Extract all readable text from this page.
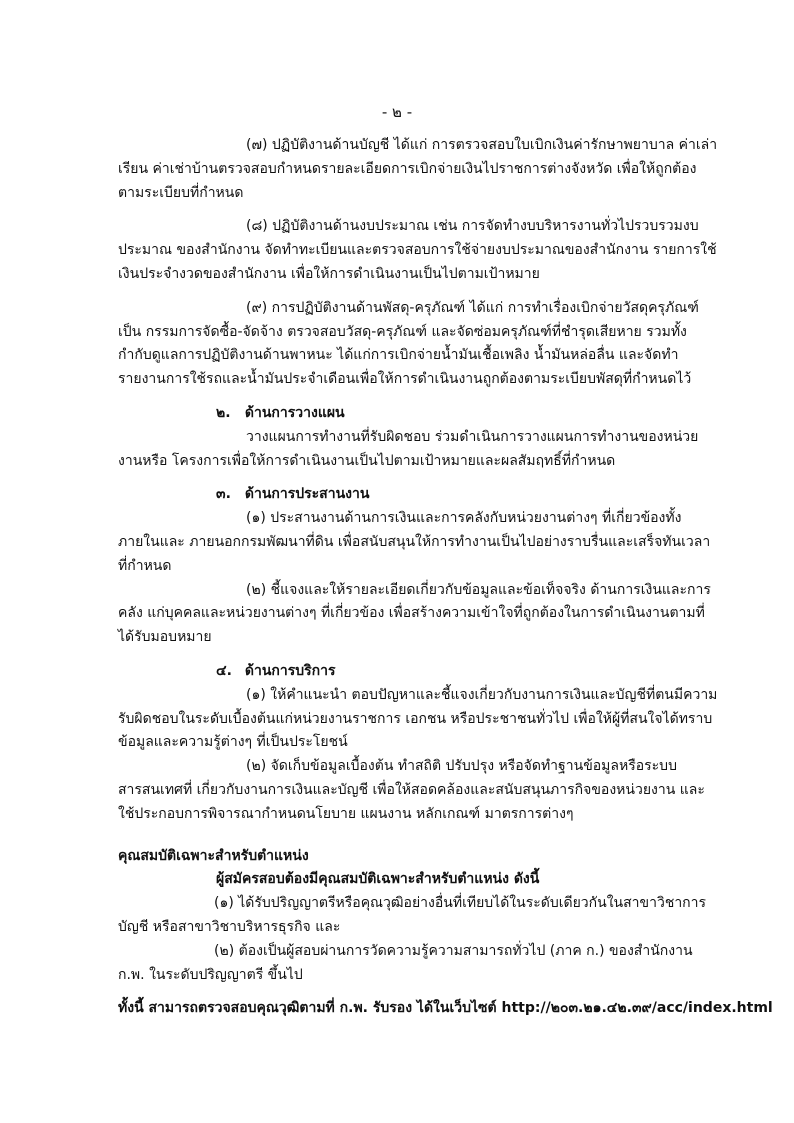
- ๒ -

(๗) ปฏิบัติงานด้านบัญชี ได้แก่ การตรวจสอบใบเบิกเงินค่ารักษาพยาบาล ค่าเล่าเรียน ค่าเช่าบ้านตรวจสอบกำหนดรายละเอียดการเบิกจ่ายเงินไปราชการต่างจังหวัด เพื่อให้ถูกต้องตามระเบียบที่กำหนด

(๘) ปฏิบัติงานด้านงบประมาณ เช่น การจัดทำงบบริหารงานทั่วไปรวบรวมงบประมาณ ของสำนักงาน จัดทำทะเบียนและตรวจสอบการใช้จ่ายงบประมาณของสำนักงาน รายการใช้เงินประจำงวดของสำนักงาน เพื่อให้การดำเนินงานเป็นไปตามเป้าหมาย

(๙) การปฏิบัติงานด้านพัสดุ-ครุภัณฑ์ ได้แก่ การทำเรื่องเบิกจ่ายวัสดุครุภัณฑ์เป็น กรรมการจัดซื้อ-จัดจ้าง ตรวจสอบวัสดุ-ครุภัณฑ์ และจัดซ่อมครุภัณฑ์ที่ชำรุดเสียหาย รวมทั้งกำกับดูแลการปฏิบัติงานด้านพาหนะ ได้แก่การเบิกจ่ายน้ำมันเชื้อเพลิง น้ำมันหล่อลื่น และจัดทำรายงานการใช้รถและน้ำมันประจำเดือนเพื่อให้การดำเนินงานถูกต้องตามระเบียบพัสดุที่กำหนดไว้

๒. ด้านการวางแผน

วางแผนการทำงานที่รับผิดชอบ ร่วมดำเนินการวางแผนการทำงานของหน่วยงานหรือ โครงการเพื่อให้การดำเนินงานเป็นไปตามเป้าหมายและผลสัมฤทธิ์ที่กำหนด

๓. ด้านการประสานงาน

(๑) ประสานงานด้านการเงินและการคลังกับหน่วยงานต่างๆ ที่เกี่ยวข้องทั้งภายในและ ภายนอกกรมพัฒนาที่ดิน เพื่อสนับสนุนให้การทำงานเป็นไปอย่างราบรื่นและเสร็จทันเวลาที่กำหนด

(๒) ชี้แจงและให้รายละเอียดเกี่ยวกับข้อมูลและข้อเท็จจริง ด้านการเงินและการคลัง แก่บุคคลและหน่วยงานต่างๆ ที่เกี่ยวข้อง เพื่อสร้างความเข้าใจที่ถูกต้องในการดำเนินงานตามที่ได้รับมอบหมาย

๔. ด้านการบริการ

(๑) ให้คำแนะนำ ตอบปัญหาและชี้แจงเกี่ยวกับงานการเงินและบัญชีที่ตนมีความ รับผิดชอบในระดับเบื้องต้นแก่หน่วยงานราชการ เอกชน หรือประชาชนทั่วไป เพื่อให้ผู้ที่สนใจได้ทราบข้อมูลและความรู้ต่างๆ ที่เป็นประโยชน์

(๒) จัดเก็บข้อมูลเบื้องต้น ทำสถิติ ปรับปรุง หรือจัดทำฐานข้อมูลหรือระบบสารสนเทศที่ เกี่ยวกับงานการเงินและบัญชี เพื่อให้สอดคล้องและสนับสนุนภารกิจของหน่วยงาน และใช้ประกอบการพิจารณากำหนดนโยบาย แผนงาน หลักเกณฑ์ มาตรการต่างๆ

คุณสมบัติเฉพาะสำหรับตำแหน่ง

ผู้สมัครสอบต้องมีคุณสมบัติเฉพาะสำหรับตำแหน่ง ดังนี้

(๑) ได้รับปริญญาตรีหรือคุณวุฒิอย่างอื่นที่เทียบได้ในระดับเดียวกันในสาขาวิชาการบัญชี หรือสาขาวิชาบริหารธุรกิจ และ

(๒) ต้องเป็นผู้สอบผ่านการวัดความรู้ความสามารถทั่วไป (ภาค ก.) ของสำนักงาน ก.พ. ในระดับปริญญาตรี ขึ้นไป

ทั้งนี้ สามารถตรวจสอบคุณวุฒิตามที่ ก.พ. รับรอง ได้ในเว็บไซต์ http://๒๐๓.๒๑.๔๒.๓๙/acc/index.html
